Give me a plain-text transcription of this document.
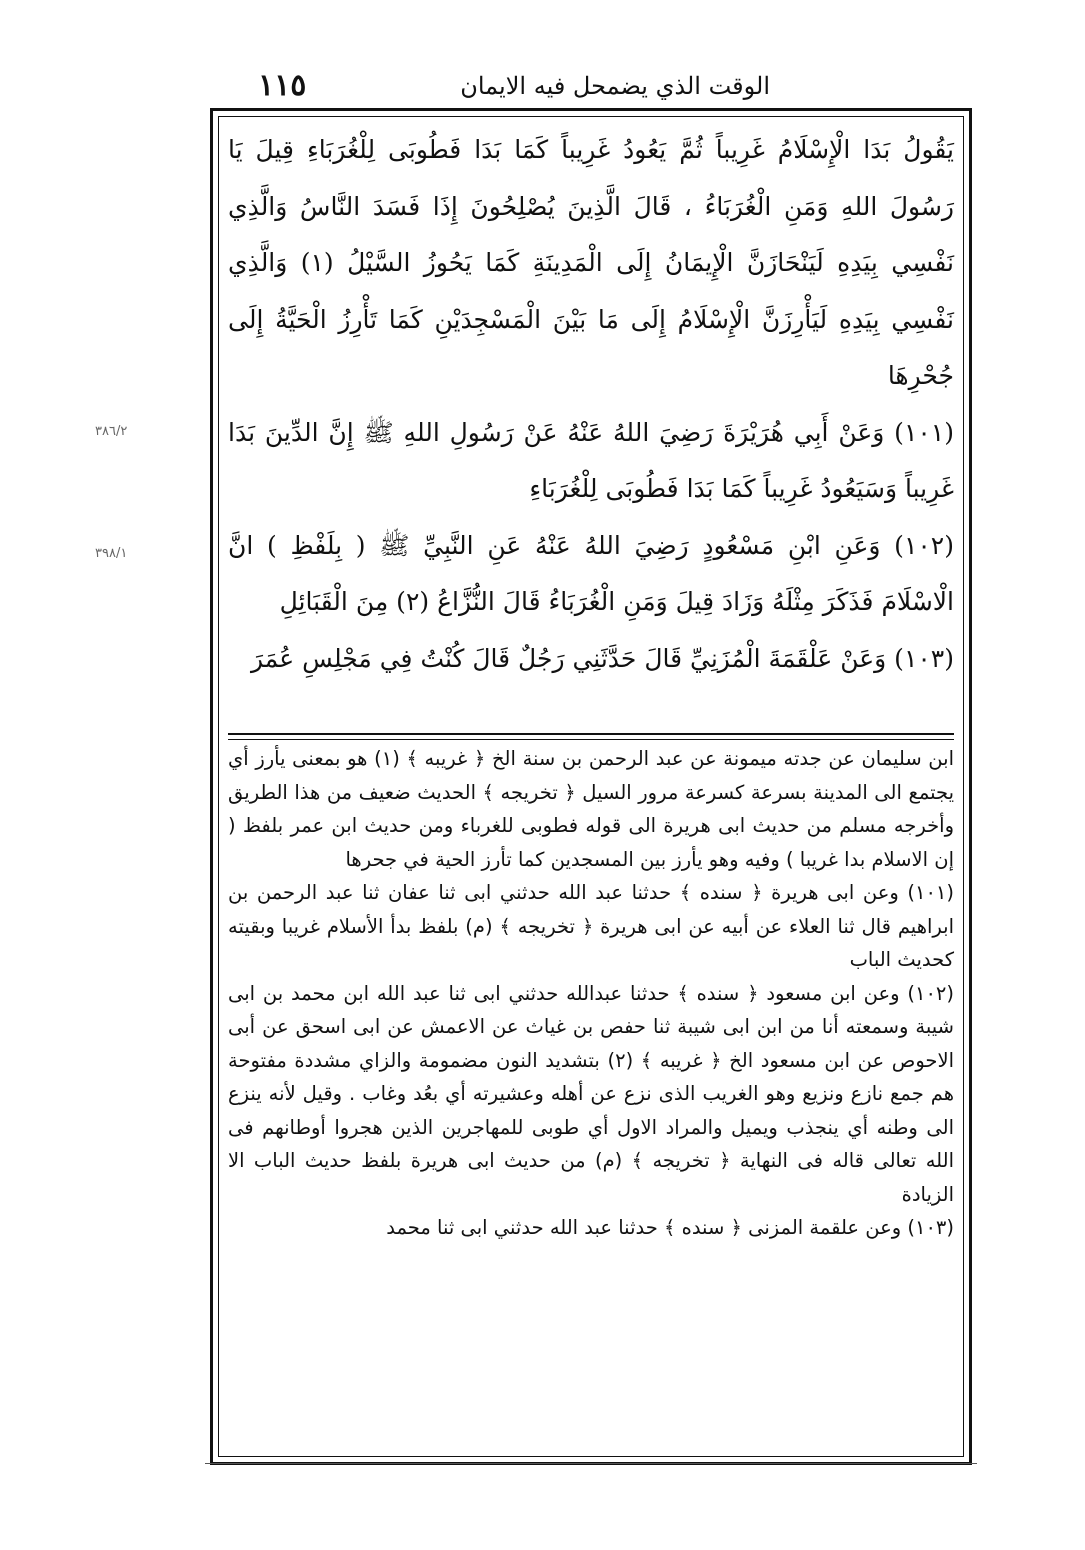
١١٥	الوقت الذي يضمحل فيه الايمان
٣٨٦/٢
٣٩٨/١

يَقُولُ بَدَا الْإِسْلَامُ غَرِيباً ثُمَّ يَعُودُ غَرِيباً كَمَا بَدَا فَطُوبَى لِلْغُرَبَاءِ قِيلَ يَا رَسُولَ اللهِ وَمَنِ الْغُرَبَاءُ ، قَالَ الَّذِينَ يُصْلِحُونَ إِذَا فَسَدَ النَّاسُ وَالَّذِي نَفْسِي بِيَدِهِ لَيَنْحَازَنَّ الْإِيمَانُ إِلَى الْمَدِينَةِ كَمَا يَحُوزُ السَّيْلُ (١) وَالَّذِي نَفْسِي بِيَدِهِ لَيَأْرِزَنَّ الْإِسْلَامُ إِلَى مَا بَيْنَ الْمَسْجِدَيْنِ كَمَا تَأْرِزُ الْحَيَّةُ إِلَى جُحْرِهَا

(١٠١) وَعَنْ أَبِي هُرَيْرَةَ رَضِيَ اللهُ عَنْهُ عَنْ رَسُولِ اللهِ ﷺ إِنَّ الدِّينَ بَدَا غَرِيباً وَسَيَعُودُ غَرِيباً كَمَا بَدَا فَطُوبَى لِلْغُرَبَاءِ

(١٠٢) وَعَنِ ابْنِ مَسْعُودٍ رَضِيَ اللهُ عَنْهُ عَنِ النَّبِيِّ ﷺ ( بِلَفْظِ ) انَّ الْاسْلَامَ فَذَكَرَ مِثْلَهُ وَزَادَ قِيلَ وَمَنِ الْغُرَبَاءُ قَالَ النُّزَّاعُ (٢) مِنَ الْقَبَائِلِ

(١٠٣) وَعَنْ عَلْقَمَةَ الْمُزَنِيِّ قَالَ حَدَّثَنِي رَجُلٌ قَالَ كُنْتُ فِي مَجْلِسِ عُمَرَ

ابن سليمان عن جدته ميمونة عن عبد الرحمن بن سنة الخ ﴿ غريبه ﴾ (١) هو بمعنى يأرز أي يجتمع الى المدينة بسرعة كسرعة مرور السيل ﴿ تخريجه ﴾ الحديث ضعيف من هذا الطريق وأخرجه مسلم من حديث ابى هريرة الى قوله فطوبى للغرباء ومن حديث ابن عمر بلفظ ( إن الاسلام بدا غريبا ) وفيه وهو يأرز بين المسجدين كما تأرز الحية في جحرها

(١٠١) وعن ابى هريرة ﴿ سنده ﴾ حدثنا عبد الله حدثني ابى ثنا عفان ثنا عبد الرحمن بن ابراهيم قال ثنا العلاء عن أبيه عن ابى هريرة ﴿ تخريجه ﴾ (م) بلفظ بدأ الأسلام غريبا وبقيته كحديث الباب

(١٠٢) وعن ابن مسعود ﴿ سنده ﴾ حدثنا عبدالله حدثني ابى ثنا عبد الله ابن محمد بن ابى شيبة وسمعته أنا من ابن ابى شيبة ثنا حفص بن غياث عن الاعمش عن ابى اسحق عن أبى الاحوص عن ابن مسعود الخ ﴿ غريبه ﴾ (٢) بتشديد النون مضمومة والزاي مشددة مفتوحة هم جمع نازع ونزيع وهو الغريب الذى نزع عن أهله وعشيرته أي بعُد وغاب . وقيل لأنه ينزع الى وطنه أي ينجذب ويميل والمراد الاول أي طوبى للمهاجرين الذين هجروا أوطانهم فى الله تعالى قاله فى النهاية ﴿ تخريجه ﴾ (م) من حديث ابى هريرة بلفظ حديث الباب الا الزيادة

(١٠٣) وعن علقمة المزنى ﴿ سنده ﴾ حدثنا عبد الله حدثني ابى ثنا محمد
